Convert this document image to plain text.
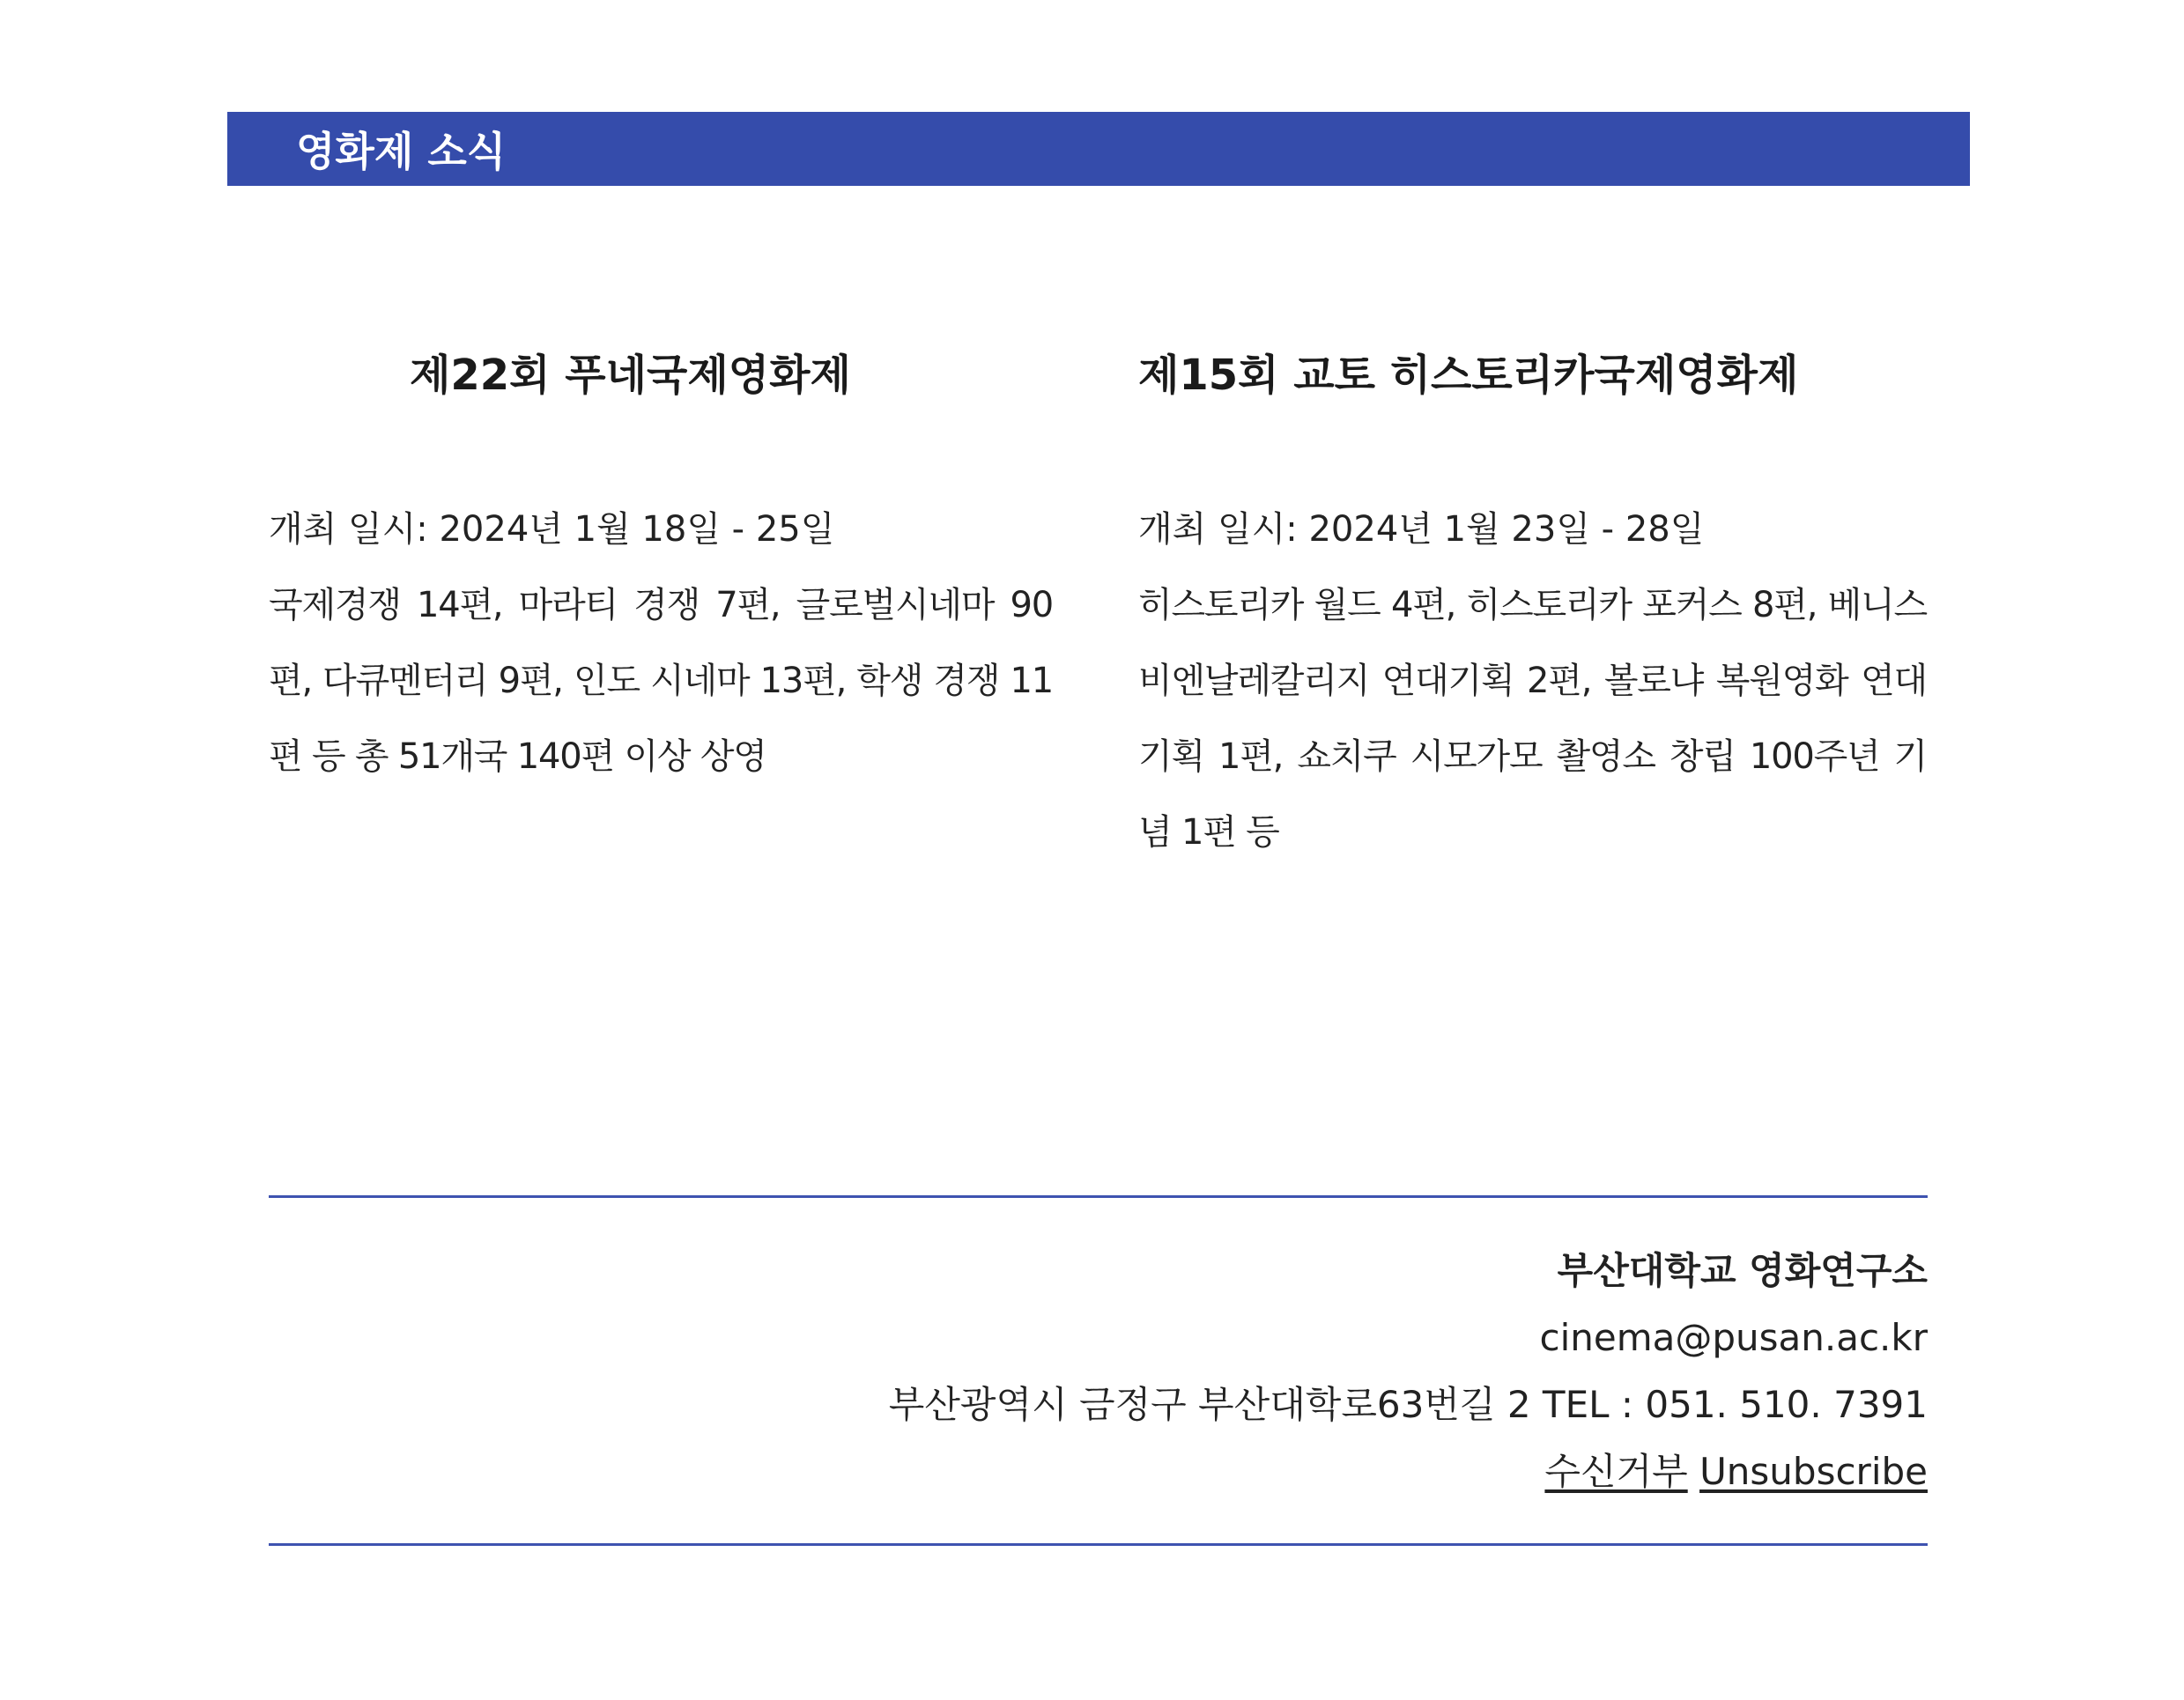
영화제 소식
제22회 푸네국제영화제

개최 일시: 2024년 1월 18일 - 25일

국제경쟁 14편, 마라티 경쟁 7편, 글로벌시네마 90편, 다큐멘터리 9편, 인도 시네마 13편, 학생 경쟁 11편 등 총 51개국 140편 이상 상영

제15회 교토 히스토리카국제영화제

개최 일시: 2024년 1월 23일 - 28일

히스토리카 월드 4편, 히스토리카 포커스 8편, 베니스비엔날레칼리지 연대기획 2편, 볼로냐 복원영화 연대기획 1편, 쇼치쿠 시모가모 촬영소 창립 100주년 기념 1편 등

부산대학교 영화연구소
cinema@pusan.ac.kr
부산광역시 금정구 부산대학로63번길 2 TEL : 051. 510. 7391
수신거부 Unsubscribe
